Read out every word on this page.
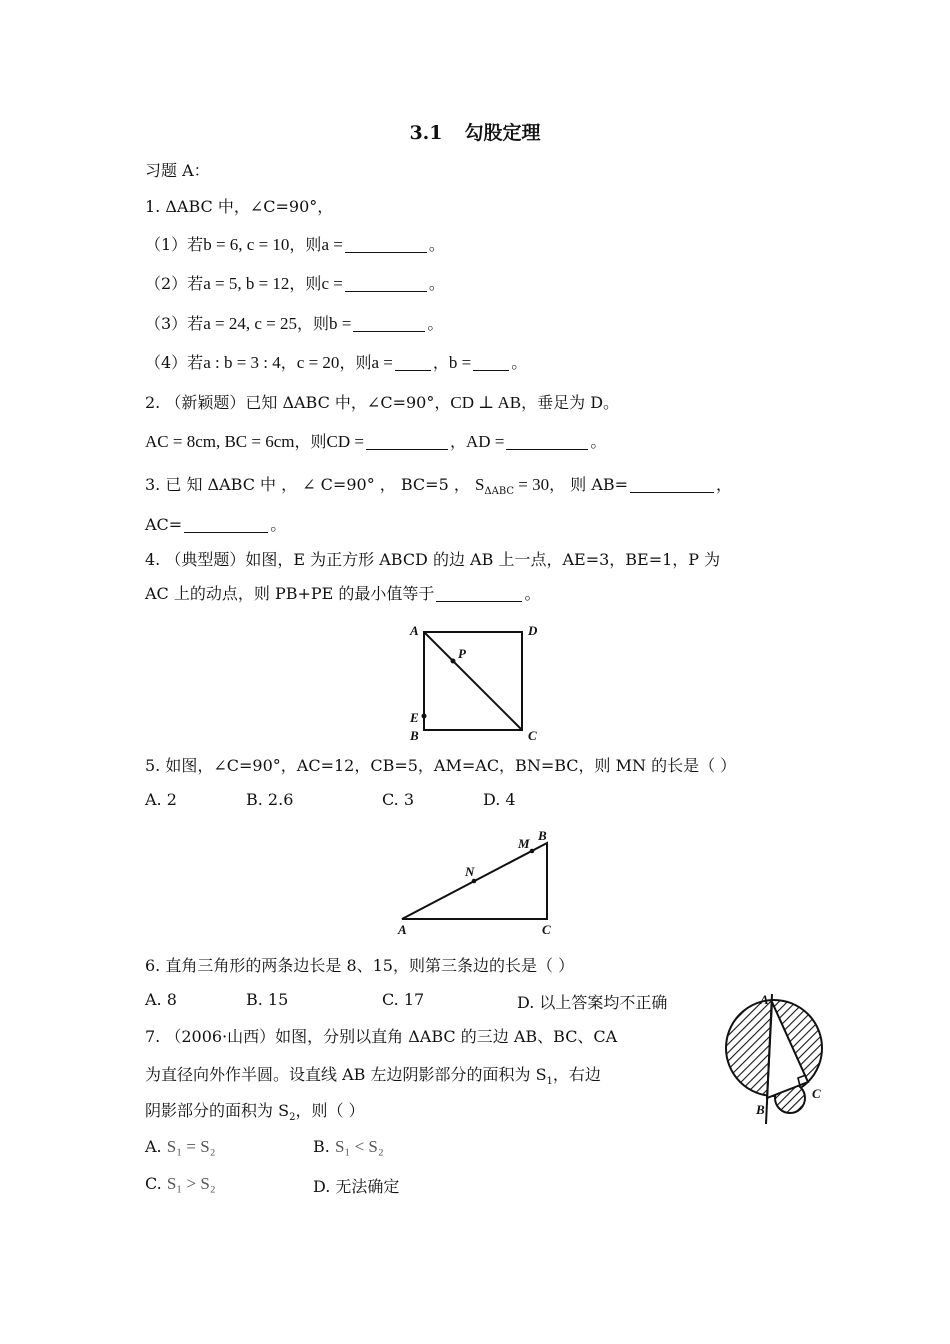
3.1 勾股定理
习题 A：
1. ΔABC 中，∠C=90°，
（1）若b = 6, c = 10，则a =	。
（2）若a = 5, b = 12，则c =	。
（3）若a = 24, c = 25，则b =	。
（4）若a : b = 3 : 4，c = 20，则a =	，b =	。
2. （新颖题）已知 ΔABC 中，∠C=90°，CD ⊥ AB，垂足为 D。
AC = 8cm, BC = 6cm，则CD =	，AD =	。
3. 已 知 ΔABC 中 ， ∠ C=90° ， BC=5 ， $S_{\Delta ABC} = 30$， 则 AB=	，
AC=	。
4. （典型题）如图，E 为正方形 ABCD 的边 AB 上一点，AE=3，BE=1，P 为
AC 上的动点，则 PB+PE 的最小值等于	。
A	D
P
E
B	C
5. 如图，∠C=90°，AC=12，CB=5，AM=AC，BN=BC，则 MN 的长是（ ）
A. 2	B. 2.6	C. 3	D. 4
A
B
C
M
N
6. 直角三角形的两条边长是 8、15，则第三条边的长是（ ）
A. 8	B. 15	C. 17	D. 以上答案均不正确
7. （2006·山西）如图，分别以直角 ΔABC 的三边 AB、BC、CA
为直径向外作半圆。设直线 AB 左边阴影部分的面积为 $S_1$，右边
阴影部分的面积为 $S_2$，则（ ）
A. S₁ = S₂	B. S₁ < S₂
C. S₁ > S₂	D. 无法确定
A
B
C
